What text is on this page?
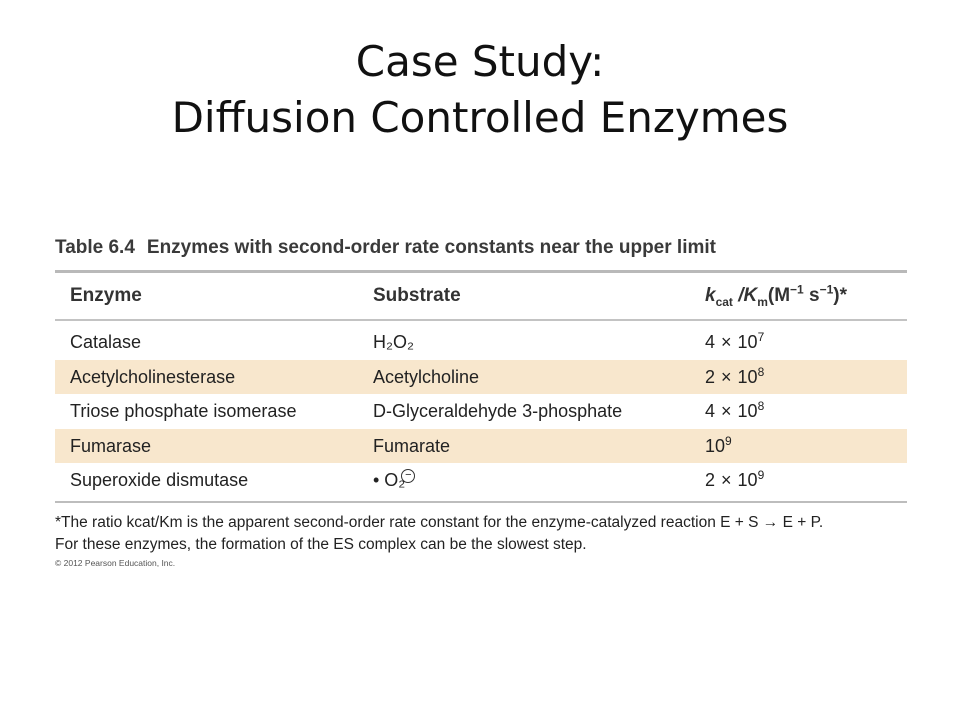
Case Study:
Diffusion Controlled Enzymes
Table 6.4 Enzymes with second-order rate constants near the upper limit
Enzyme	Substrate	$k_{cat}$ $/K_m(M^{-1}$ $s^{-1})*$
Catalase	H₂O₂	$4 \times 10^7$
Acetylcholinesterase	Acetylcholine	$2 \times 10^8$
Triose phosphate isomerase	D-Glyceraldehyde 3-phosphate	$4 \times 10^8$
Fumarase	Fumarate	$10^9$
Superoxide dismutase	• O₂−	$2 \times 10^9$
*The ratio kcat/Km is the apparent second-order rate constant for the enzyme-catalyzed reaction E + S → E + P.
For these enzymes, the formation of the ES complex can be the slowest step.
© 2012 Pearson Education, Inc.
